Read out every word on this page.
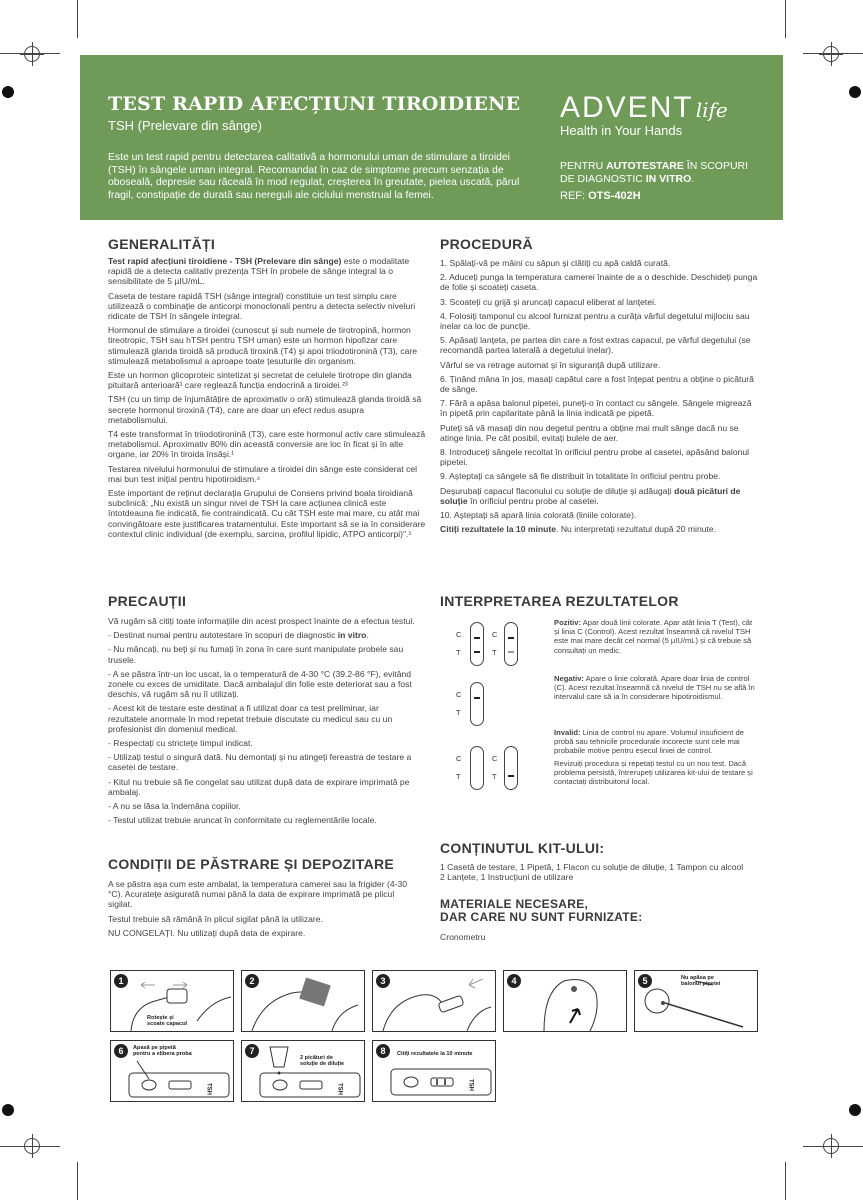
TEST RAPID AFECȚIUNI TIROIDIENE
TSH (Prelevare din sânge)
Este un test rapid pentru detectarea calitativă a hormonului uman de stimulare a tiroidei (TSH) în sângele uman integral. Recomandat în caz de simptome precum senzația de oboseală, depresie sau răceală în mod regulat, creșterea în greutate, pielea uscată, părul fragil, constipație de durată sau nereguli ale ciclului menstrual la femei.
ADVENT life
Health in Your Hands
PENTRU AUTOTESTARE ÎN SCOPURI
DE DIAGNOSTIC IN VITRO.
REF: OTS-402H
GENERALITĂȚI

Test rapid afecțiuni tiroidiene - TSH (Prelevare din sânge) este o modalitate rapidă de a detecta calitativ prezența TSH în probele de sânge integral la o sensibilitate de 5 µIU/mL.

Caseta de testare rapidă TSH (sânge integral) constituie un test simplu care utilizează o combinație de anticorpi monoclonali pentru a detecta selectiv niveluri ridicate de TSH în sângele integral.

Hormonul de stimulare a tiroidei (cunoscut și sub numele de tirotropină, hormon tireotropic, TSH sau hTSH pentru TSH uman) este un hormon hipofizar care stimulează glanda tiroidă să producă tiroxină (T4) și apoi triiodotironină (T3), care stimulează metabolismul a aproape toate țesuturile din organism.

Este un hormon glicoproteic sintetizat și secretat de celulele tirotrope din glanda pituitară anterioară¹ care reglează funcția endocrină a tiroidei.²³

TSH (cu un timp de înjumătățire de aproximativ o oră) stimulează glanda tiroidă să secrete hormonul tiroxină (T4), care are doar un efect redus asupra metabolismului.

T4 este transformat în triiodotironină (T3), care este hormonul activ care stimulează metabolismul. Aproximativ 80% din această conversie are loc în ficat și în alte organe, iar 20% în tiroida însăși.¹

Testarea nivelului hormonului de stimulare a tiroidei din sânge este considerat cel mai bun test inițial pentru hipotiroidism.⁴

Este important de reținut declarația Grupului de Consens privind boala tiroidiană subclinică: „Nu există un singur nivel de TSH la care acțiunea clinică este întotdeauna fie indicată, fie contraindicată. Cu cât TSH este mai mare, cu atât mai convingătoare este justificarea tratamentului. Este important să se ia în considerare contextul clinic individual (de exemplu, sarcina, profilul lipidic, ATPO anticorpi)”.⁵

PRECAUȚII

Vă rugăm să citiți toate informațiile din acest prospect înainte de a efectua testul.

- Destinat numai pentru autotestare în scopuri de diagnostic in vitro.

- Nu mâncați, nu beți și nu fumați în zona în care sunt manipulate probele sau trusele.

- A se păstra într-un loc uscat, la o temperatură de 4-30 °C (39.2-86 °F), evitând zonele cu exces de umiditate. Dacă ambalajul din folie este deteriorat sau a fost deschis, vă rugăm să nu îl utilizați.

- Acest kit de testare este destinat a fi utilizat doar ca test preliminar, iar rezultatele anormale în mod repetat trebuie discutate cu medicul sau cu un profesionist din domeniul medical.

- Respectați cu strictețe timpul indicat.

- Utilizați testul o singură dată. Nu demontați și nu atingeți fereastra de testare a casetei de testare.

- Kitul nu trebuie să fie congelat sau utilizat după data de expirare imprimată pe ambalaj.

- A nu se lăsa la îndemâna copiilor.

- Testul utilizat trebuie aruncat în conformitate cu reglementările locale.

CONDIȚII DE PĂSTRARE ȘI DEPOZITARE

A se păstra așa cum este ambalat, la temperatura camerei sau la frigider (4-30 °C). Acuratețe asigurată numai până la data de expirare imprimată pe plicul sigilat.

Testul trebuie să rămână în plicul sigilat până la utilizare.

NU CONGELAȚI. Nu utilizați după data de expirare.

PROCEDURĂ

1. Spălați-vă pe mâini cu săpun și clătiți cu apă caldă curată.

2. Aduceți punga la temperatura camerei înainte de a o deschide. Deschideți punga de folie și scoateți caseta.

3. Scoateți cu grijă și aruncați capacul eliberat al lanțetei.

4. Folosiți tamponul cu alcool furnizat pentru a curăța vârful degetului mijlociu sau inelar ca loc de puncție.

5. Apăsați lanțeta, pe partea din care a fost extras capacul, pe vârful degetului (se recomandă partea laterală a degetului inelar).

Vârful se va retrage automat și în siguranță după utilizare.

6. Ținând mâna în jos, masați capătul care a fost înțepat pentru a obține o picătură de sânge.

7. Fără a apăsa balonul pipetei, puneți-o în contact cu sângele. Sângele migrează în pipetă prin capilaritate până la linia indicată pe pipetă.

Puteți să vă masați din nou degetul pentru a obține mai mult sânge dacă nu se atinge linia. Pe cât posibil, evitați bulele de aer.

8. Introduceți sângele recoltat în orificiul pentru probe al casetei, apăsând balonul pipetei.

9. Așteptați ca sângele să fie distribuit în totalitate în orificiul pentru probe.

Deșurubați capacul flaconului cu soluție de diluție și adăugați două picături de soluție în orificiul pentru probe al casetei.

10. Așteptați să apară linia colorată (liniile colorate).

Citiți rezultatele la 10 minute. Nu interpretați rezultatul după 20 minute.

INTERPRETAREA REZULTATELOR
C
T
C
T
Pozitiv: Apar două linii colorate. Apar atât linia T (Test), cât și linia C (Control). Acest rezultat înseamnă că nivelul TSH este mai mare decât cel normal (5 µIU/mL) și că trebuie să consultați un medic.
C
T
Negativ: Apare o linie colorată. Apare doar linia de control (C). Acest rezultat înseamnă că nivelul de TSH nu se află în intervalul care să ia în considerare hipotiroidismul.
C
T
C
T
Invalid: Linia de control nu apare. Volumul insuficient de probă sau tehnicile procedurale incorecte sunt cele mai probabile motive pentru eșecul liniei de control.
Revizuiți procedura și repetați testul cu un nou test. Dacă problema persistă, întrerupeți utilizarea kit-ului de testare și contactați distribuitorul local.
CONȚINUTUL KIT-ULUI:
1 Casetă de testare, 1 Pipetă, 1 Flacon cu soluție de diluție, 1 Tampon cu alcool
2 Lanțete, 1 Instrucțiuni de utilizare
MATERIALE NECESARE,
DAR CARE NU SUNT FURNIZATE:
Cronometru
1
Rotește și
scoate capacul
2	3	4	5	Nu apăsa pe
balonul pipetei
6	Apasă pe pipetă
pentru a elibera proba
TSH
7
2 picături de
soluție de diluție
TSH
8	Citiți rezultatele la 10 minute
TSH
